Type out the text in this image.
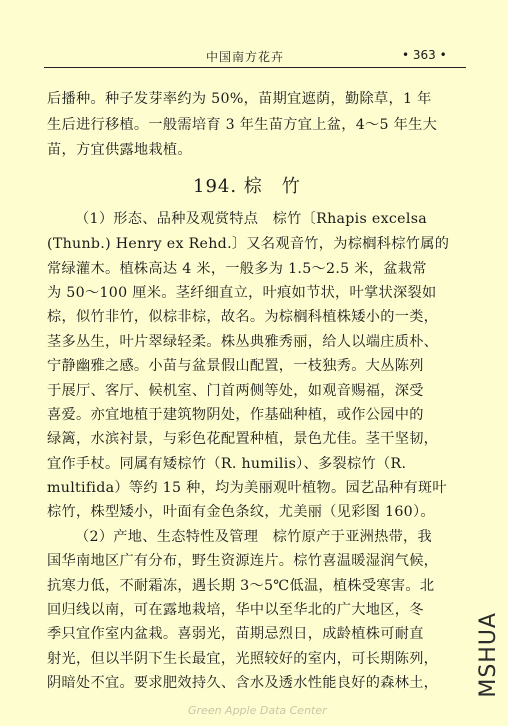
中国南方花卉	• 363 •
后播种。种子发芽率约为 50%，苗期宜遮荫，勤除草，1 年
生后进行移植。一般需培育 3 年生苗方宜上盆，4～5 年生大
苗，方宜供露地栽植。
194. 棕　竹
（1）形态、品种及观赏特点　棕竹〔Rhapis excelsa
(Thunb.) Henry ex Rehd.〕又名观音竹，为棕榈科棕竹属的
常绿灌木。植株高达 4 米，一般多为 1.5～2.5 米，盆栽常
为 50～100 厘米。茎纤细直立，叶痕如节状，叶掌状深裂如
棕，似竹非竹，似棕非棕，故名。为棕榈科植株矮小的一类，
茎多丛生，叶片翠绿轻柔。株丛典雅秀丽，给人以端庄质朴、
宁静幽雅之感。小苗与盆景假山配置，一枝独秀。大丛陈列
于展厅、客厅、候机室、门首两侧等处，如观音赐福，深受
喜爱。亦宜地植于建筑物阴处，作基础种植，或作公园中的
绿篱，水滨衬景，与彩色花配置种植，景色尤佳。茎干坚韧，
宜作手杖。同属有矮棕竹（R. humilis）、多裂棕竹（R.
multifida）等约 15 种，均为美丽观叶植物。园艺品种有斑叶
棕竹，株型矮小，叶面有金色条纹，尤美丽（见彩图 160）。
（2）产地、生态特性及管理　棕竹原产于亚洲热带，我
国华南地区广有分布，野生资源连片。棕竹喜温暖湿润气候，
抗寒力低，不耐霜冻，遇长期 3～5℃低温，植株受寒害。北
回归线以南，可在露地栽培，华中以至华北的广大地区，冬
季只宜作室内盆栽。喜弱光，苗期忌烈日，成龄植株可耐直
射光，但以半阴下生长最宜，光照较好的室内，可长期陈列，
阴暗处不宜。要求肥效持久、含水及透水性能良好的森林土， MSHUA
Green Apple Data Center
